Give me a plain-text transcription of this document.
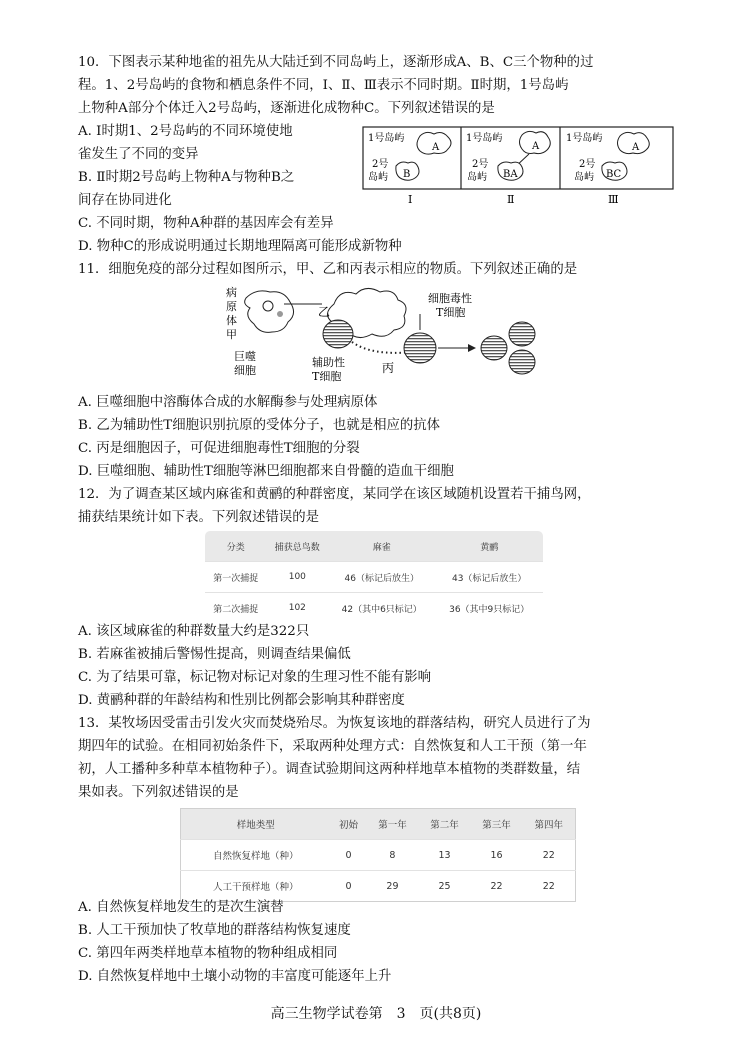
10．下图表示某种地雀的祖先从大陆迁到不同岛屿上，逐渐形成A、B、C三个物种的过
程。1、2号岛屿的食物和栖息条件不同，Ⅰ、Ⅱ、Ⅲ表示不同时期。Ⅱ时期，1号岛屿
上物种A部分个体迁入2号岛屿，逐渐进化成物种C。下列叙述错误的是
A. Ⅰ时期1、2号岛屿的不同环境使地
雀发生了不同的变异
B. Ⅱ时期2号岛屿上物种A与物种B之
间存在协同进化
C. 不同时期，物种A种群的基因库会有差异
D. 物种C的形成说明通过长期地理隔离可能形成新物种
1号岛屿
A
2号
岛屿 B
1号岛屿
A
2号
岛屿 BA
1号岛屿
A
2号
岛屿 BC
Ⅰ	Ⅱ	Ⅲ
11．细胞免疫的部分过程如图所示，甲、乙和丙表示相应的物质。下列叙述正确的是
病
原
体
甲
巨噬
细胞
乙
辅助性
T细胞
丙
细胞毒性
T细胞
A. 巨噬细胞中溶酶体合成的水解酶参与处理病原体
B. 乙为辅助性T细胞识别抗原的受体分子，也就是相应的抗体
C. 丙是细胞因子，可促进细胞毒性T细胞的分裂
D. 巨噬细胞、辅助性T细胞等淋巴细胞都来自骨髓的造血干细胞
12．为了调查某区域内麻雀和黄鹂的种群密度，某同学在该区域随机设置若干捕鸟网，
捕获结果统计如下表。下列叙述错误的是
分类	捕获总鸟数	麻雀	黄鹂
第一次捕捉	100	46（标记后放生）	43（标记后放生）
第二次捕捉	102	42（其中6只标记）	36（其中9只标记）
A. 该区域麻雀的种群数量大约是322只
B. 若麻雀被捕后警惕性提高，则调查结果偏低
C. 为了结果可靠，标记物对标记对象的生理习性不能有影响
D. 黄鹂种群的年龄结构和性别比例都会影响其种群密度
13．某牧场因受雷击引发火灾而焚烧殆尽。为恢复该地的群落结构，研究人员进行了为
期四年的试验。在相同初始条件下，采取两种处理方式：自然恢复和人工干预（第一年
初，人工播种多种草本植物种子）。调查试验期间这两种样地草本植物的类群数量，结
果如表。下列叙述错误的是
样地类型	初始	第一年	第二年	第三年	第四年
自然恢复样地（种）	0	8	13	16	22
人工干预样地（种）	0	29	25	22	22
A. 自然恢复样地发生的是次生演替
B. 人工干预加快了牧草地的群落结构恢复速度
C. 第四年两类样地草本植物的物种组成相同
D. 自然恢复样地中土壤小动物的丰富度可能逐年上升
高三生物学试卷第　3　页(共8页)
